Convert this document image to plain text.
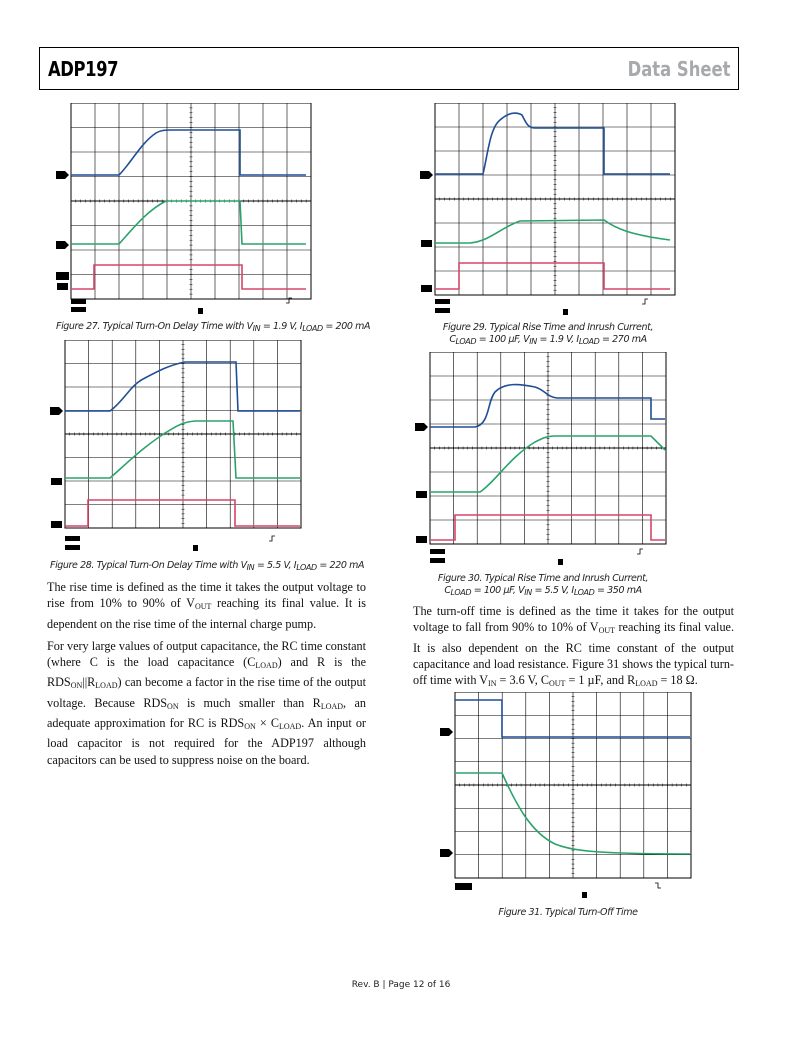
ADP197	Data Sheet
Figure 27. Typical Turn-On Delay Time with $V_{IN} = 1.9$ V, $I_{LOAD} = 200$ mA
Figure 28. Typical Turn-On Delay Time with $V_{IN} = 5.5$ V, $I_{LOAD} = 220$ mA
Figure 29. Typical Rise Time and Inrush Current,
$C_{LOAD} = 100$ µF, $V_{IN} = 1.9$ V, $I_{LOAD} = 270$ mA
Figure 30. Typical Rise Time and Inrush Current,
$C_{LOAD} = 100$ µF, $V_{IN} = 5.5$ V, $I_{LOAD} = 350$ mA
Figure 31. Typical Turn-Off Time

The rise time is defined as the time it takes the output voltage to rise from 10% to 90% of $V_{OUT}$ reaching its final value. It is dependent on the rise time of the internal charge pump.

For very large values of output capacitance, the RC time constant (where C is the load capacitance $(C_{LOAD})$ and R is the $RDS_{ON}||R_{LOAD}$) can become a factor in the rise time of the output voltage. Because $RDS_{ON}$ is much smaller than $R_{LOAD}$, an adequate approximation for RC is $RDS_{ON} \times C_{LOAD}$. An input or load capacitor is not required for the ADP197 although capacitors can be used to suppress noise on the board.

The turn-off time is defined as the time it takes for the output voltage to fall from 90% to 10% of $V_{OUT}$ reaching its final value. It is also dependent on the RC time constant of the output capacitance and load resistance. Figure 31 shows the typical turn-off time with $V_{IN} = 3.6$ V, $C_{OUT} = 1$ µF, and $R_{LOAD} = 18$ Ω.

Rev. B | Page 12 of 16
